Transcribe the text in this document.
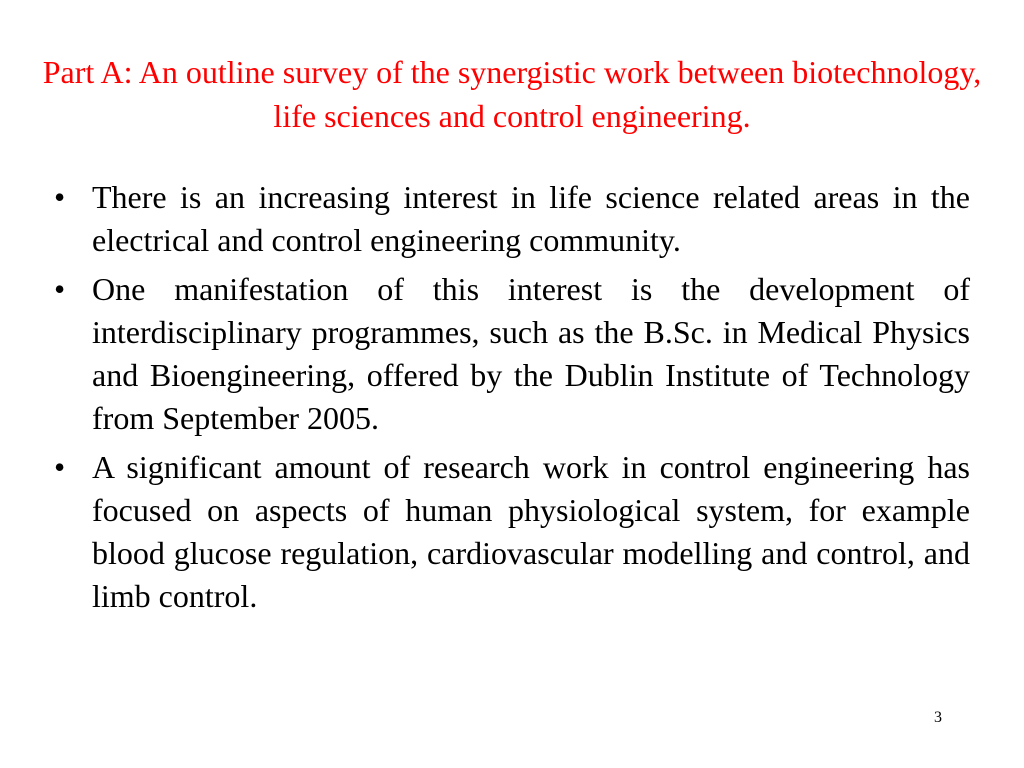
Part A: An outline survey of the synergistic work between biotechnology, life sciences and control engineering.
• There is an increasing interest in life science related areas in the electrical and control engineering community.
• One manifestation of this interest is the development of interdisciplinary programmes, such as the B.Sc. in Medical Physics and Bioengineering, offered by the Dublin Institute of Technology from September 2005.
• A significant amount of research work in control engineering has focused on aspects of human physiological system, for example blood glucose regulation, cardiovascular modelling and control, and limb control.
3
